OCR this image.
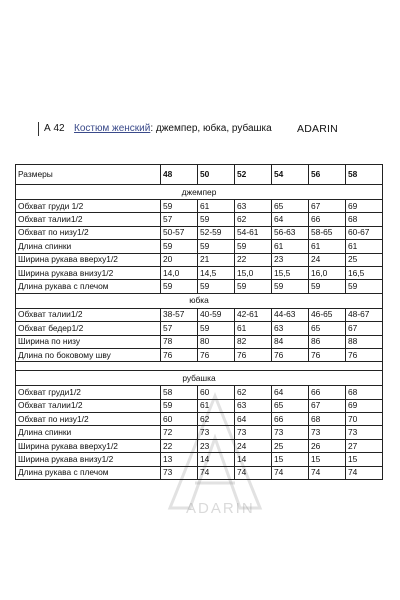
А 42 Костюм женский: джемпер, юбка, рубашка ADARIN
ADARIN
Размеры	48	50	52	54	56	58
джемпер						
Обхват груди 1/2	59	61	63	65	67	69
Обхват талии1/2	57	59	62	64	66	68
Обхват по низу1/2	50-57	52-59	54-61	56-63	58-65	60-67
Длина спинки	59	59	59	61	61	61
Ширина рукава вверху1/2	20	21	22	23	24	25
Ширина рукава внизу1/2	14,0	14,5	15,0	15,5	16,0	16,5
Длина рукава с плечом	59	59	59	59	59	59
юбка						
Обхват талии1/2	38-57	40-59	42-61	44-63	46-65	48-67
Обхват бедер1/2	57	59	61	63	65	67
Ширина по низу	78	80	82	84	86	88
Длина по боковому шву	76	76	76	76	76	76

рубашка						
Обхват груди1/2	58	60	62	64	66	68
Обхват талии1/2	59	61	63	65	67	69
Обхват по низу1/2	60	62	64	66	68	70
Длина спинки	72	73	73	73	73	73
Ширина рукава вверху1/2	22	23	24	25	26	27
Ширина рукава внизу1/2	13	14	14	15	15	15
Длина рукава с плечом	73	74	74	74	74	74
